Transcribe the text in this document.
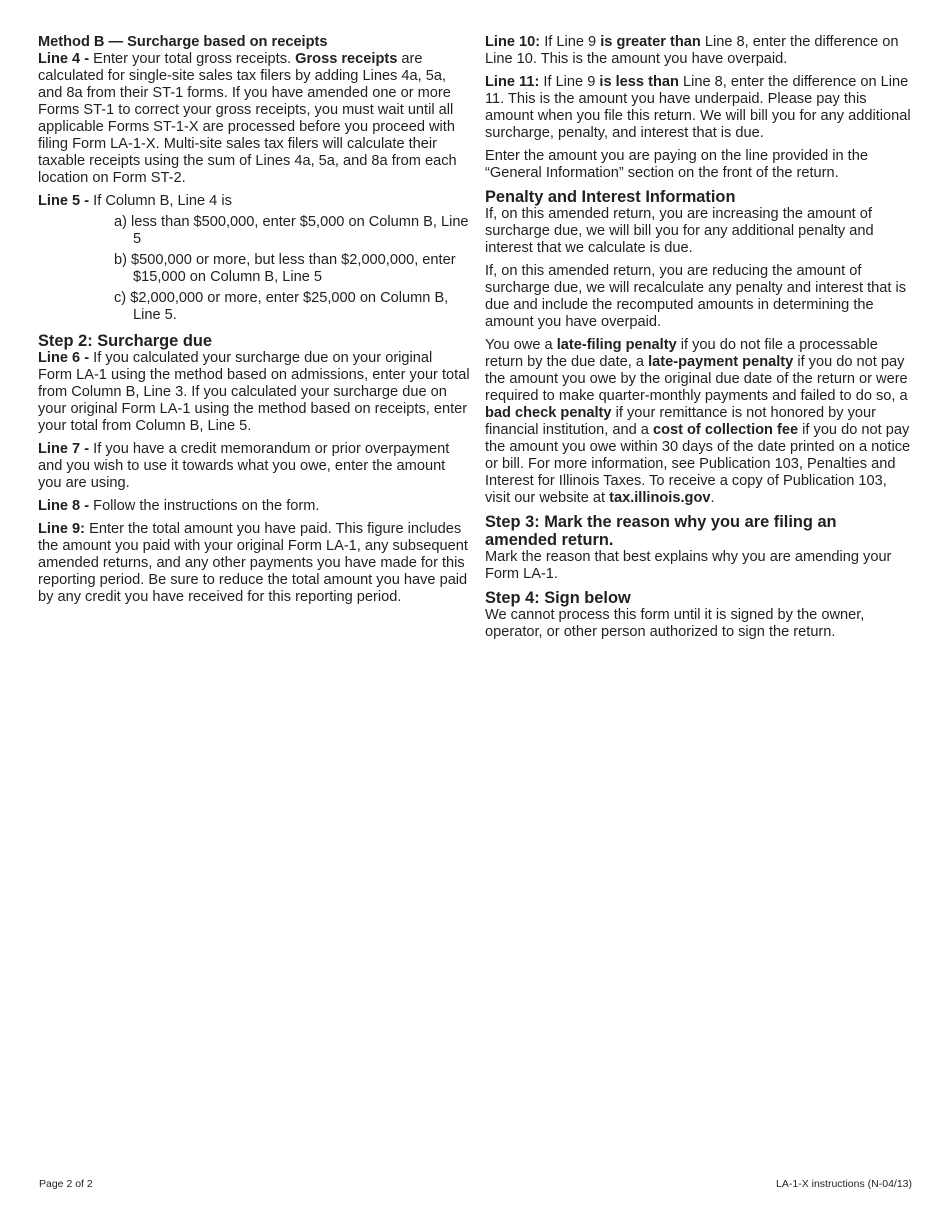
Method B — Surcharge based on receipts

Line 4 - Enter your total gross receipts. Gross receipts are calculated for single-site sales tax filers by adding Lines 4a, 5a, and 8a from their ST-1 forms. If you have amended one or more Forms ST-1 to correct your gross receipts, you must wait until all applicable Forms ST-1-X are processed before you proceed with filing Form LA-1-X. Multi-site sales tax filers will calculate their taxable receipts using the sum of Lines 4a, 5a, and 8a from each location on Form ST-2.

Line 5 - If Column B, Line 4 is

a) less than $500,000, enter $5,000 on Column B, Line 5
b) $500,000 or more, but less than $2,000,000, enter $15,000 on Column B, Line 5
c) $2,000,000 or more, enter $25,000 on Column B, Line 5.

Step 2: Surcharge due

Line 6 - If you calculated your surcharge due on your original Form LA-1 using the method based on admissions, enter your total from Column B, Line 3. If you calculated your surcharge due on your original Form LA-1 using the method based on receipts, enter your total from Column B, Line 5.

Line 7 - If you have a credit memorandum or prior overpayment and you wish to use it towards what you owe, enter the amount you are using.

Line 8 - Follow the instructions on the form.

Line 9: Enter the total amount you have paid. This figure includes the amount you paid with your original Form LA-1, any subsequent amended returns, and any other payments you have made for this reporting period. Be sure to reduce the total amount you have paid by any credit you have received for this reporting period.

Line 10: If Line 9 is greater than Line 8, enter the difference on Line 10. This is the amount you have overpaid.

Line 11: If Line 9 is less than Line 8, enter the difference on Line 11. This is the amount you have underpaid. Please pay this amount when you file this return. We will bill you for any additional surcharge, penalty, and interest that is due.

Enter the amount you are paying on the line provided in the “General Information” section on the front of the return.

Penalty and Interest Information

If, on this amended return, you are increasing the amount of surcharge due, we will bill you for any additional penalty and interest that we calculate is due.

If, on this amended return, you are reducing the amount of surcharge due, we will recalculate any penalty and interest that is due and include the recomputed amounts in determining the amount you have overpaid.

You owe a late-filing penalty if you do not file a processable return by the due date, a late-payment penalty if you do not pay the amount you owe by the original due date of the return or were required to make quarter-monthly payments and failed to do so, a bad check penalty if your remittance is not honored by your financial institution, and a cost of collection fee if you do not pay the amount you owe within 30 days of the date printed on a notice or bill. For more information, see Publication 103, Penalties and Interest for Illinois Taxes. To receive a copy of Publication 103, visit our website at tax.illinois.gov.

Step 3: Mark the reason why you are filing an amended return.

Mark the reason that best explains why you are amending your  Form LA-1.

Step 4: Sign below

We cannot process this form until it is signed by the owner, operator, or other person authorized to sign the return.

Page 2 of 2	LA-1-X instructions (N-04/13)
